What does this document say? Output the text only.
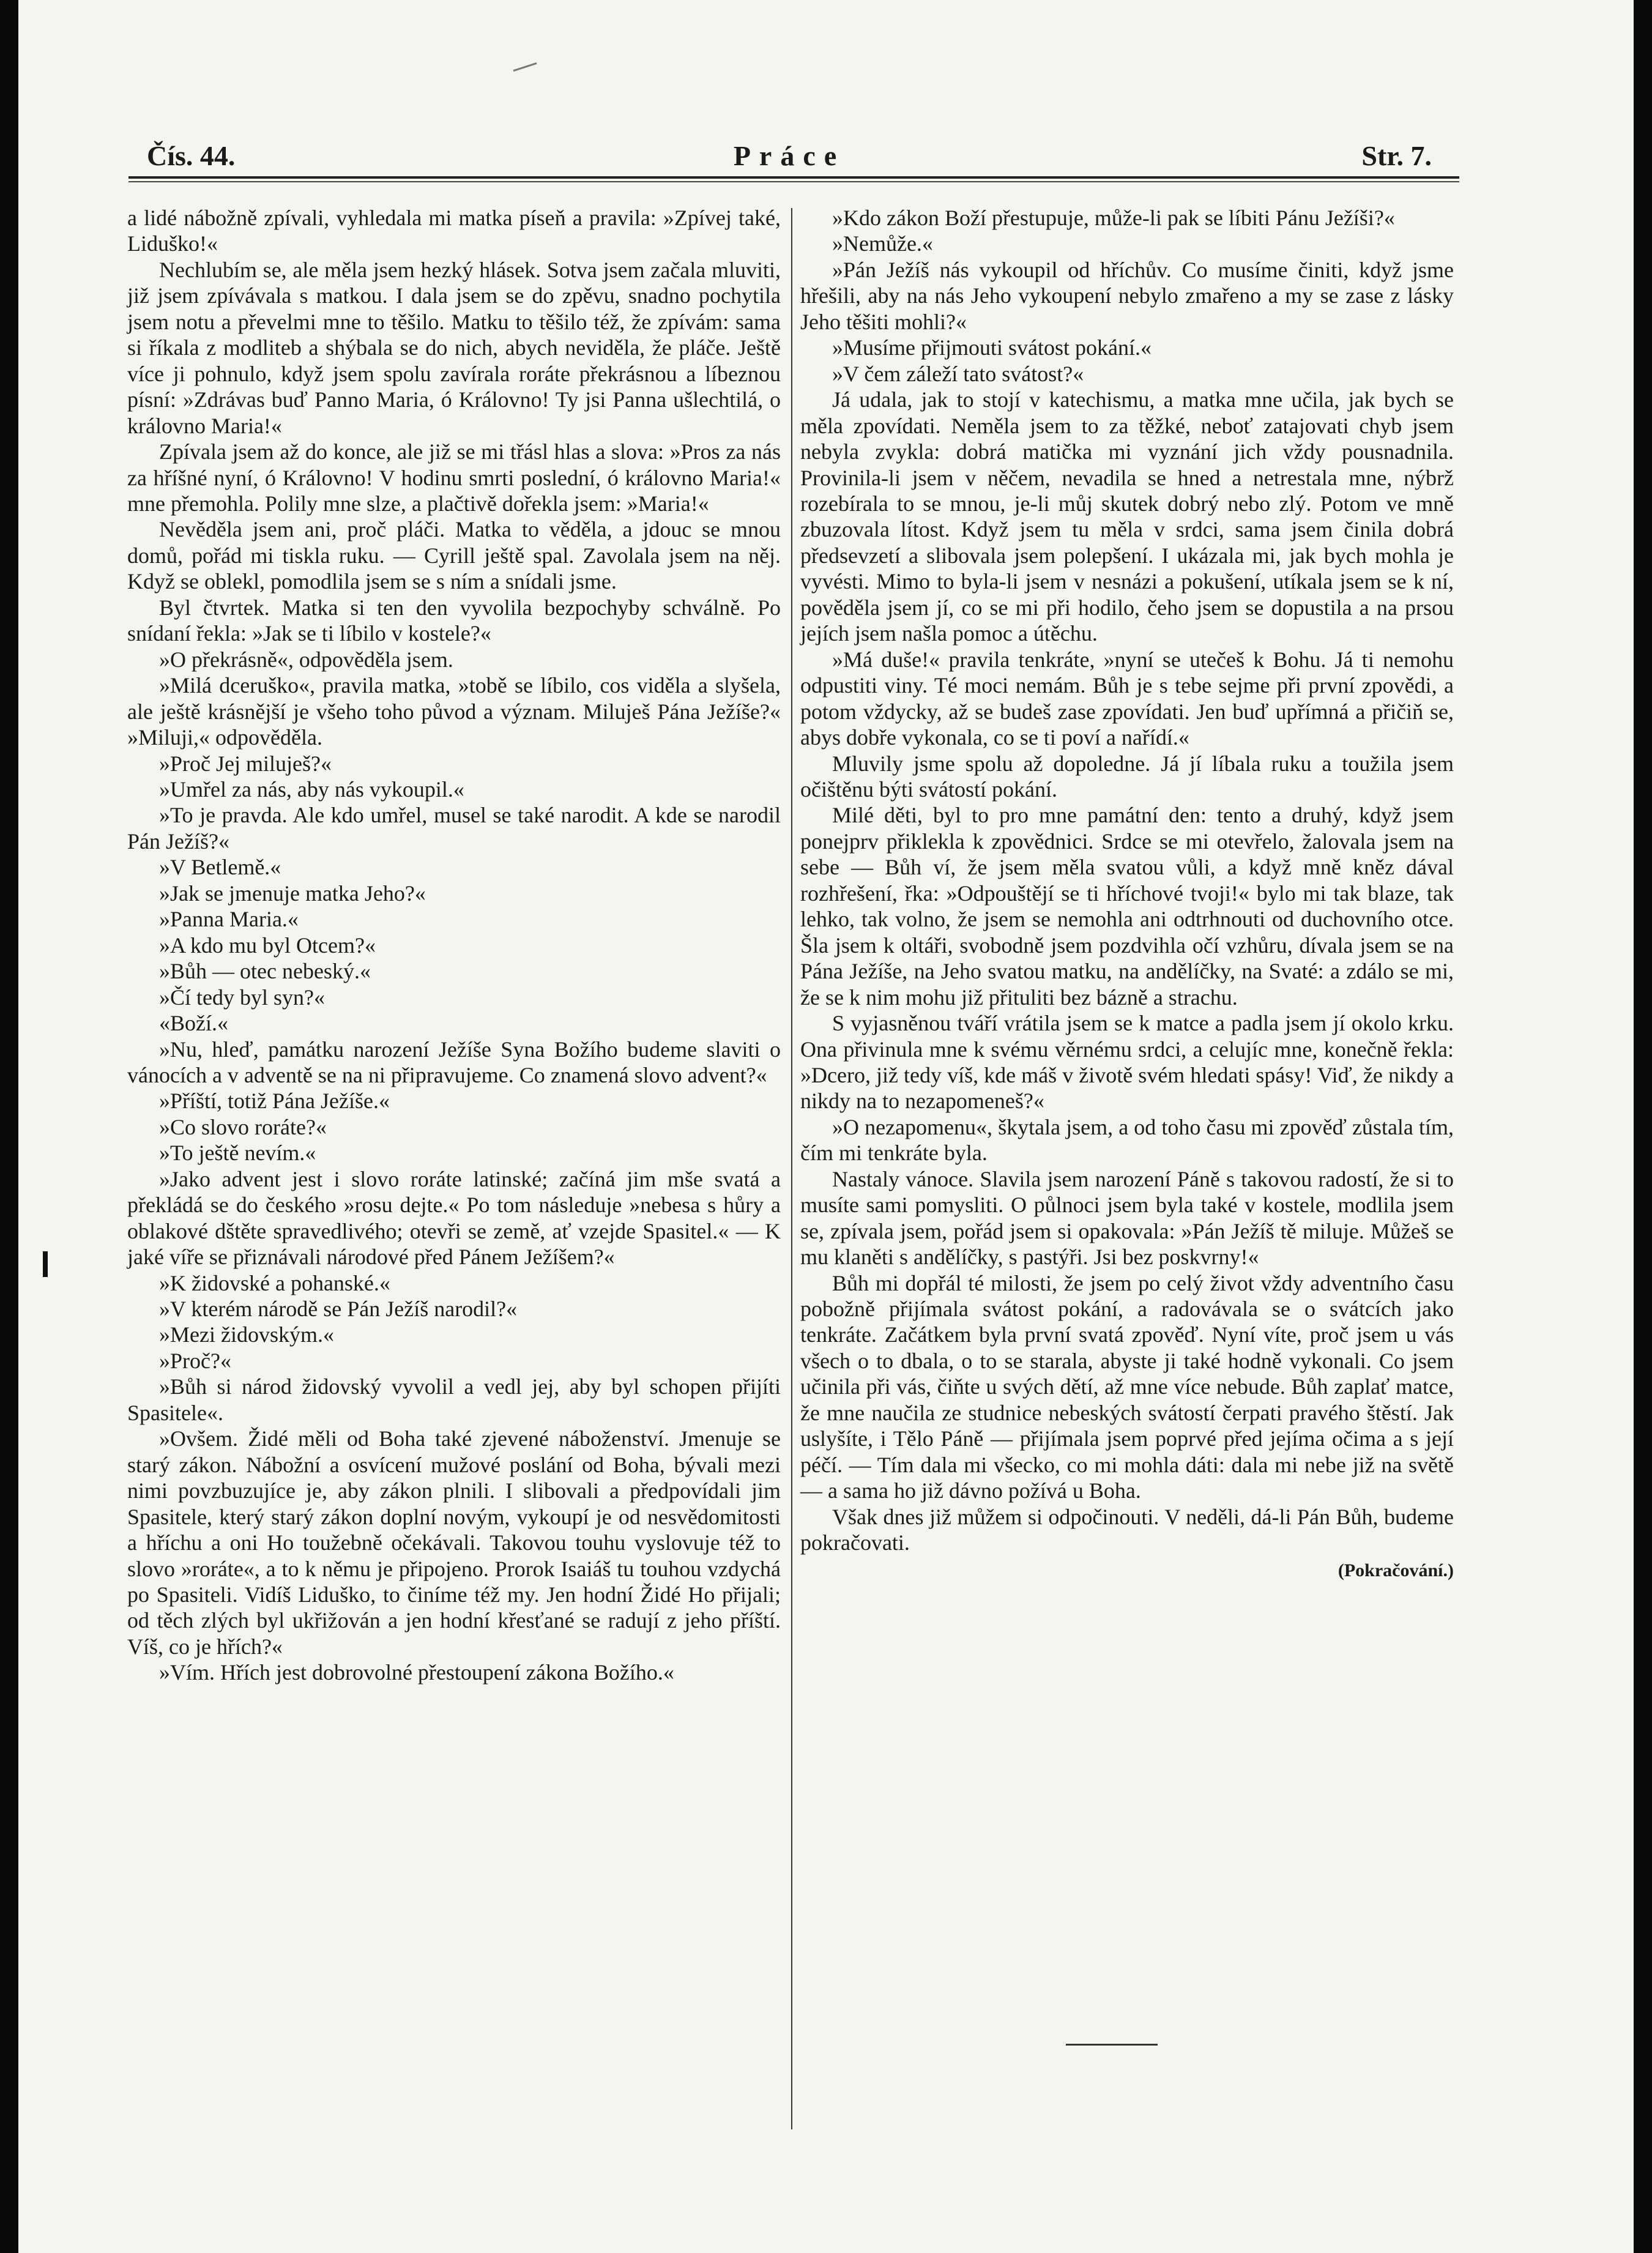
Čís. 44.	Práce	Str. 7.

a lidé nábožně zpívali, vyhledala mi matka píseň a pravila: »Zpívej také, Liduško!«

Nechlubím se, ale měla jsem hezký hlásek. Sotva jsem začala mluviti, již jsem zpívávala s matkou. I dala jsem se do zpěvu, snadno pochytila jsem notu a převelmi mne to těšilo. Matku to těšilo též, že zpívám: sama si říkala z modliteb a shýbala se do nich, abych neviděla, že pláče. Ještě více ji pohnulo, když jsem spolu zavírala roráte překrásnou a líbeznou písní: »Zdrávas buď Panno Maria, ó Královno! Ty jsi Panna ušlechtilá, o královno Maria!«

Zpívala jsem až do konce, ale již se mi třásl hlas a slova: »Pros za nás za hříšné nyní, ó Královno! V hodinu smrti poslední, ó královno Maria!« mne přemohla. Polily mne slze, a plačtivě dořekla jsem: »Maria!«

Nevěděla jsem ani, proč pláči. Matka to věděla, a jdouc se mnou domů, pořád mi tiskla ruku. — Cyrill ještě spal. Zavolala jsem na něj. Když se oblekl, pomodlila jsem se s ním a snídali jsme.

Byl čtvrtek. Matka si ten den vyvolila bezpochyby schválně. Po snídaní řekla: »Jak se ti líbilo v kostele?«

»O překrásně«, odpověděla jsem.

»Milá dceruško«, pravila matka, »tobě se líbilo, cos viděla a slyšela, ale ještě krásnější je všeho toho původ a význam. Miluješ Pána Ježíše?« »Miluji,« odpověděla.

»Proč Jej miluješ?«

»Umřel za nás, aby nás vykoupil.«

»To je pravda. Ale kdo umřel, musel se také narodit. A kde se narodil Pán Ježíš?«

»V Betlemě.«

»Jak se jmenuje matka Jeho?«

»Panna Maria.«

»A kdo mu byl Otcem?«

»Bůh — otec nebeský.«

»Čí tedy byl syn?«

«Boží.«

»Nu, hleď, památku narození Ježíše Syna Božího budeme slaviti o vánocích a v adventě se na ni připravujeme. Co znamená slovo advent?«

»Příští, totiž Pána Ježíše.«

»Co slovo roráte?«

»To ještě nevím.«

»Jako advent jest i slovo roráte latinské; začíná jim mše svatá a překládá se do českého »rosu dejte.« Po tom následuje »nebesa s hůry a oblakové dštěte spravedlivého; otevři se země, ať vzejde Spasitel.« — K jaké víře se přiznávali národové před Pánem Ježíšem?«

»K židovské a pohanské.«

»V kterém národě se Pán Ježíš narodil?«

»Mezi židovským.«

»Proč?«

»Bůh si národ židovský vyvolil a vedl jej, aby byl schopen přijíti Spasitele«.

»Ovšem. Židé měli od Boha také zjevené náboženství. Jmenuje se starý zákon. Nábožní a osvícení mužové poslání od Boha, bývali mezi nimi povzbuzujíce je, aby zákon plnili. I slibovali a předpovídali jim Spasitele, který starý zákon doplní novým, vykoupí je od nesvědomitosti a hříchu a oni Ho toužebně očekávali. Takovou touhu vyslovuje též to slovo »roráte«, a to k němu je připojeno. Prorok Isaiáš tu touhou vzdychá po Spasiteli. Vidíš Liduško, to činíme též my. Jen hodní Židé Ho přijali; od těch zlých byl ukřižován a jen hodní křesťané se radují z jeho příští. Víš, co je hřích?«

»Vím. Hřích jest dobrovolné přestoupení zákona Božího.«

»Kdo zákon Boží přestupuje, může-li pak se líbiti Pánu Ježíši?«

»Nemůže.«

»Pán Ježíš nás vykoupil od hříchův. Co musíme činiti, když jsme hřešili, aby na nás Jeho vykoupení nebylo zmařeno a my se zase z lásky Jeho těšiti mohli?«

»Musíme přijmouti svátost pokání.«

»V čem záleží tato svátost?«

Já udala, jak to stojí v katechismu, a matka mne učila, jak bych se měla zpovídati. Neměla jsem to za těžké, neboť zatajovati chyb jsem nebyla zvykla: dobrá matička mi vyznání jich vždy pousnadnila. Provinila-li jsem v něčem, nevadila se hned a netrestala mne, nýbrž rozebírala to se mnou, je-li můj skutek dobrý nebo zlý. Potom ve mně zbuzovala lítost. Když jsem tu měla v srdci, sama jsem činila dobrá předsevzetí a slibovala jsem polepšení. I ukázala mi, jak bych mohla je vyvésti. Mimo to byla-li jsem v nesnázi a pokušení, utíkala jsem se k ní, pověděla jsem jí, co se mi při hodilo, čeho jsem se dopustila a na prsou jejích jsem našla pomoc a útěchu.

»Má duše!« pravila tenkráte, »nyní se utečeš k Bohu. Já ti nemohu odpustiti viny. Té moci nemám. Bůh je s tebe sejme při první zpovědi, a potom vždycky, až se budeš zase zpovídati. Jen buď upřímná a přičiň se, abys dobře vykonala, co se ti poví a nařídí.«

Mluvily jsme spolu až dopoledne. Já jí líbala ruku a toužila jsem očištěnu býti svátostí pokání.

Milé děti, byl to pro mne památní den: tento a druhý, když jsem ponejprv přiklekla k zpovědnici. Srdce se mi otevřelo, žalovala jsem na sebe — Bůh ví, že jsem měla svatou vůli, a když mně kněz dával rozhřešení, řka: »Odpouštějí se ti hříchové tvoji!« bylo mi tak blaze, tak lehko, tak volno, že jsem se nemohla ani odtrhnouti od duchovního otce. Šla jsem k oltáři, svobodně jsem pozdvihla očí vzhůru, dívala jsem se na Pána Ježíše, na Jeho svatou matku, na andělíčky, na Svaté: a zdálo se mi, že se k nim mohu již přituliti bez bázně a strachu.

S vyjasněnou tváří vrátila jsem se k matce a padla jsem jí okolo krku. Ona přivinula mne k svému věrnému srdci, a celujíc mne, konečně řekla: »Dcero, již tedy víš, kde máš v životě svém hledati spásy! Viď, že nikdy a nikdy na to nezapomeneš?«

»O nezapomenu«, škytala jsem, a od toho času mi zpověď zůstala tím, čím mi tenkráte byla.

Nastaly vánoce. Slavila jsem narození Páně s takovou radostí, že si to musíte sami pomysliti. O půlnoci jsem byla také v kostele, modlila jsem se, zpívala jsem, pořád jsem si opakovala: »Pán Ježíš tě miluje. Můžeš se mu klaněti s andělíčky, s pastýři. Jsi bez poskvrny!«

Bůh mi dopřál té milosti, že jsem po celý život vždy adventního času pobožně přijímala svátost pokání, a radovávala se o svátcích jako tenkráte. Začátkem byla první svatá zpověď. Nyní víte, proč jsem u vás všech o to dbala, o to se starala, abyste ji také hodně vykonali. Co jsem učinila při vás, čiňte u svých dětí, až mne více nebude. Bůh zaplať matce, že mne naučila ze studnice nebeských svátostí čerpati pravého štěstí. Jak uslyšíte, i Tělo Páně — přijímala jsem poprvé před jejíma očima a s její péčí. — Tím dala mi všecko, co mi mohla dáti: dala mi nebe již na světě — a sama ho již dávno požívá u Boha.

Však dnes již můžem si odpočinouti. V neděli, dá-li Pán Bůh, budeme pokračovati.

(Pokračování.)
